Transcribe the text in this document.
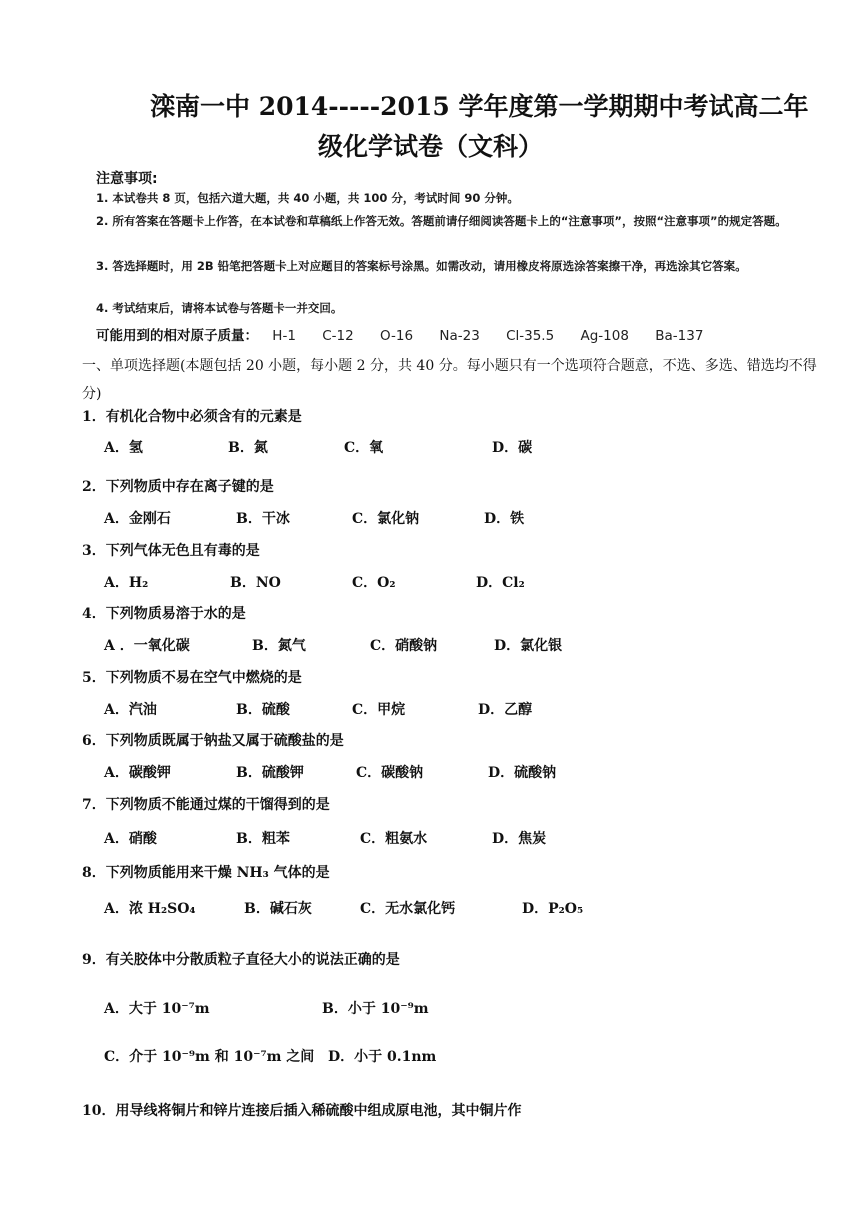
滦南一中 2014-----2015 学年度第一学期期中考试高二年
级化学试卷（文科）
注意事项:
1. 本试卷共 8 页，包括六道大题，共 40 小题，共 100 分，考试时间 90 分钟。
2. 所有答案在答题卡上作答，在本试卷和草稿纸上作答无效。答题前请仔细阅读答题卡上的“注意事项”，按照“注意事项”的规定答题。
3. 答选择题时，用 2B 铅笔把答题卡上对应题目的答案标号涂黑。如需改动，请用橡皮将原选涂答案擦干净，再选涂其它答案。
4. 考试结束后，请将本试卷与答题卡一并交回。
可能用到的相对原子质量： H-1 C-12 O-16 Na-23 Cl-35.5 Ag-108 Ba-137
一、单项选择题(本题包括 20 小题，每小题 2 分，共 40 分。每小题只有一个选项符合题意，不选、多选、错选均不得分)
1．有机化合物中必须含有的元素是
A．氢	B．氮	C．氧	D．碳
2．下列物质中存在离子键的是
A．金刚石	B．干冰	C．氯化钠	D．铁
3．下列气体无色且有毒的是
A．H₂	B．NO	C．O₂	D．Cl₂
4．下列物质易溶于水的是
A ．一氧化碳	B．氮气	C．硝酸钠	D．氯化银
5．下列物质不易在空气中燃烧的是
A．汽油	B．硫酸	C．甲烷	D．乙醇
6．下列物质既属于钠盐又属于硫酸盐的是
A．碳酸钾	B．硫酸钾	C．碳酸钠	D．硫酸钠
7．下列物质不能通过煤的干馏得到的是
A．硝酸	B．粗苯	C．粗氨水	D．焦炭
8．下列物质能用来干燥 NH₃ 气体的是
A．浓 H₂SO₄	B．碱石灰	C．无水氯化钙	D．P₂O₅
9．有关胶体中分散质粒子直径大小的说法正确的是
A．大于 10⁻⁷m	B．小于 10⁻⁹m
C．介于 10⁻⁹m 和 10⁻⁷m 之间 D．小于 0.1nm
10．用导线将铜片和锌片连接后插入稀硫酸中组成原电池，其中铜片作
